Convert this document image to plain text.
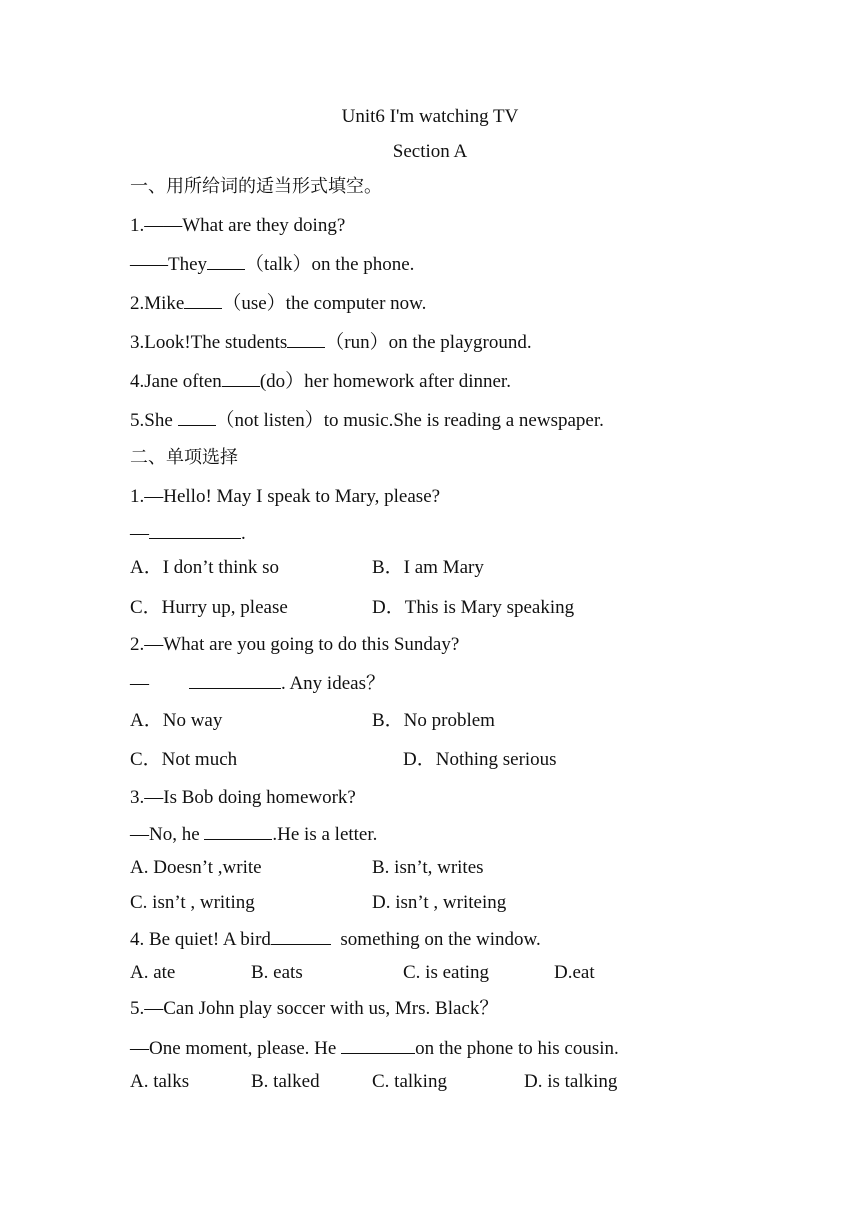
Unit6 I'm watching TV
Section A
一、用所给词的适当形式填空。
1.——What are they doing?
——They （talk）on the phone.
2.Mike （use）the computer now.
3.Look!The students （run）on the playground.
4.Jane often (do）her homework after dinner.
5.She （not listen）to music.She is reading a newspaper.
二、单项选择
1.—Hello! May I speak to Mary, please?
—	.
A．I don’t think so	B．I am Mary
C．Hurry up, please	D．This is Mary speaking
2.—What are you going to do this Sunday?
—	. Any ideas？
A．No way	B．No problem
C．Not much	D．Nothing serious
3.—Is Bob doing homework?
—No, he	.He is a letter.
A. Doesn’t ,write	B. isn’t, writes
C. isn’t , writing	D. isn’t , writeing
4. Be quiet! A bird	something on the window.
A. ate	B. eats	C. is eating	D.eat
5.—Can John play soccer with us, Mrs. Black？
—One moment, please. He	on the phone to his cousin.
A. talks	B. talked	C. talking	D. is talking
